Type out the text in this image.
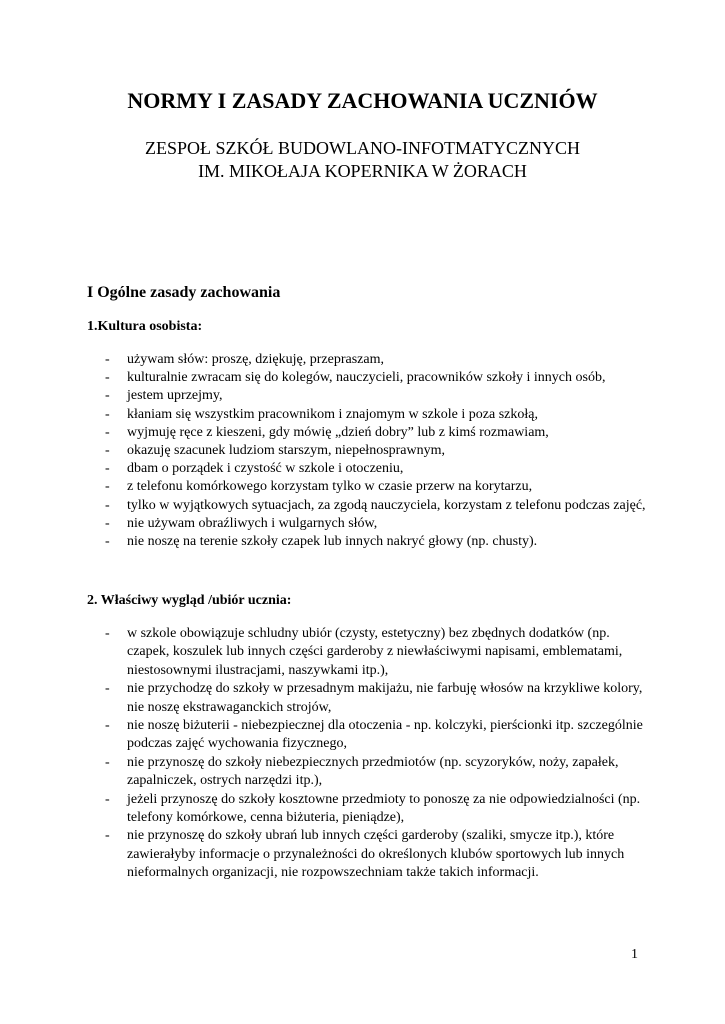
NORMY I ZASADY ZACHOWANIA UCZNIÓW

ZESPOŁ SZKÓŁ BUDOWLANO-INFOTMATYCZNYCH

IM. MIKOŁAJA KOPERNIKA W ŻORACH

I Ogólne zasady zachowania
1.Kultura osobista:
- używam słów: proszę, dziękuję, przepraszam,
- kulturalnie zwracam się do kolegów, nauczycieli, pracowników szkoły i innych osób,
- jestem uprzejmy,
- kłaniam się wszystkim pracownikom i znajomym w szkole i poza szkołą,
- wyjmuję ręce z kieszeni, gdy mówię „dzień dobry” lub z kimś rozmawiam,
- okazuję szacunek ludziom starszym, niepełnosprawnym,
- dbam o porządek i czystość w szkole i otoczeniu,
- z telefonu komórkowego korzystam tylko w czasie przerw na korytarzu,
- tylko w wyjątkowych sytuacjach, za zgodą nauczyciela, korzystam z telefonu podczas zajęć,
- nie używam obraźliwych i wulgarnych słów,
- nie noszę na terenie szkoły czapek lub innych nakryć głowy (np. chusty).
2. Właściwy wygląd /ubiór ucznia:
- w szkole obowiązuje schludny ubiór (czysty, estetyczny) bez zbędnych dodatków (np. czapek, koszulek lub innych części garderoby z niewłaściwymi napisami, emblematami, niestosownymi ilustracjami, naszywkami itp.),
- nie przychodzę do szkoły w przesadnym makijażu, nie farbuję włosów na krzykliwe kolory, nie noszę ekstrawaganckich strojów,
- nie noszę biżuterii - niebezpiecznej dla otoczenia - np. kolczyki, pierścionki itp. szczególnie podczas zajęć wychowania fizycznego,
- nie przynoszę do szkoły niebezpiecznych przedmiotów (np. scyzoryków, noży, zapałek, zapalniczek, ostrych narzędzi itp.),
- jeżeli przynoszę do szkoły kosztowne przedmioty to ponoszę za nie odpowiedzialności (np. telefony komórkowe, cenna biżuteria, pieniądze),
- nie przynoszę do szkoły ubrań lub innych części garderoby (szaliki, smycze itp.), które zawierałyby informacje o przynależności do określonych klubów sportowych lub innych nieformalnych organizacji, nie rozpowszechniam także takich informacji.
1
